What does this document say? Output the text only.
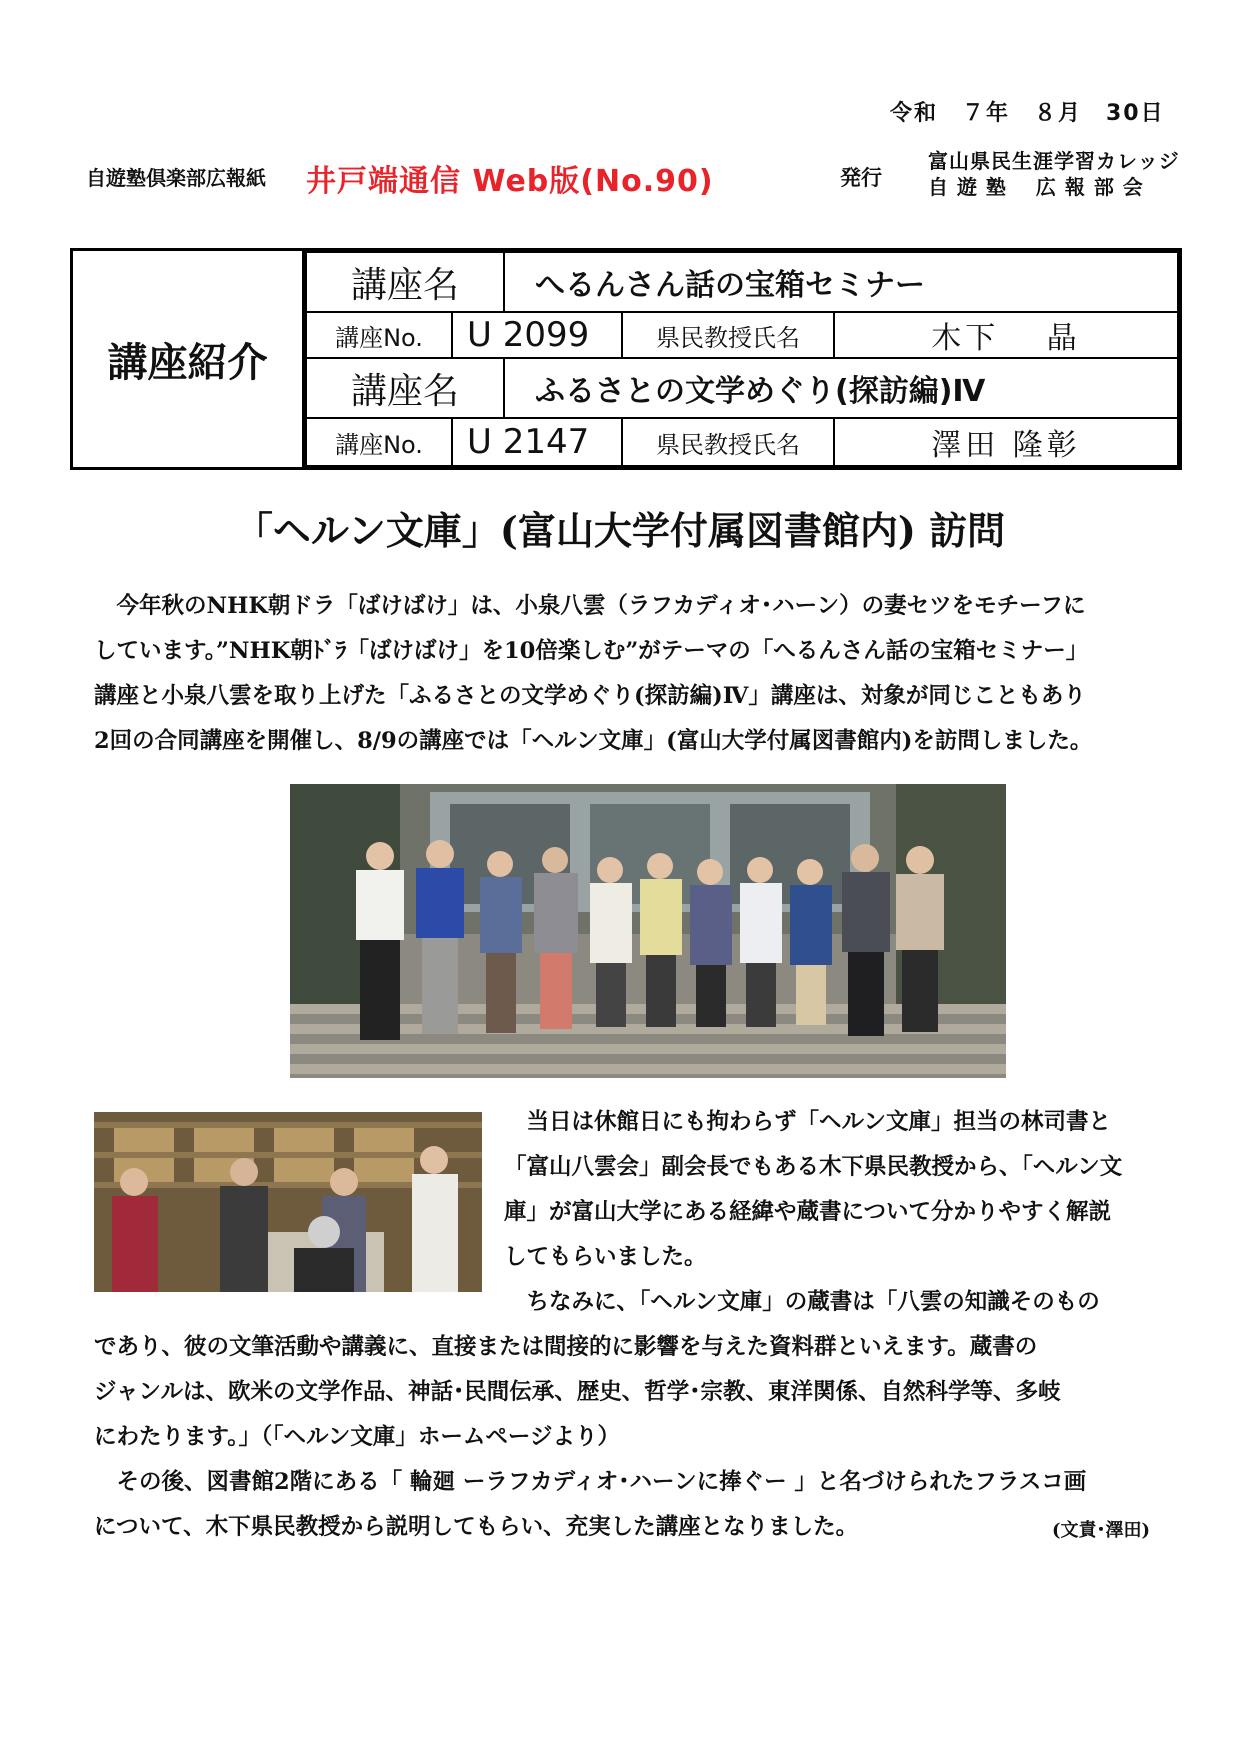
令和　７年　８月　30日
自遊塾倶楽部広報紙 井戸端通信 Web版(No.90)	発行
富山県民生涯学習カレッジ
自 遊 塾　 広 報 部 会
講座紹介
講座名	へるんさん話の宝箱セミナー
講座No.	U 2099	県民教授氏名	木下　 晶
講座名	ふるさとの文学めぐり(探訪編)Ⅳ
講座No.	U 2147	県民教授氏名	澤田 隆彰
「ヘルン文庫」(富山大学付属図書館内) 訪問
　今年秋のNHK朝ドラ「ばけばけ」は、小泉八雲（ラフカディオ･ハーン）の妻セツをモチーフに
しています。”NHK朝ﾄﾞﾗ「ばけばけ」を10倍楽しむ”がテーマの「へるんさん話の宝箱セミナー」
講座と小泉八雲を取り上げた「ふるさとの文学めぐり(探訪編)Ⅳ」講座は、対象が同じこともあり
2回の合同講座を開催し、8/9の講座では「ヘルン文庫」(富山大学付属図書館内)を訪問しました。
　当日は休館日にも拘わらず「ヘルン文庫」担当の林司書と
「富山八雲会」副会長でもある木下県民教授から、「ヘルン文
庫」が富山大学にある経緯や蔵書について分かりやすく解説
してもらいました。
　ちなみに、「ヘルン文庫」の蔵書は「八雲の知識そのもの
であり、彼の文筆活動や講義に、直接または間接的に影響を与えた資料群といえます。蔵書の
ジャンルは、欧米の文学作品、神話･民間伝承、歴史、哲学･宗教、東洋関係、自然科学等、多岐
にわたります。」（「ヘルン文庫」ホームページより）
　その後、図書館2階にある「 輪廻 ーラフカディオ･ハーンに捧ぐー 」と名づけられたフラスコ画
について、木下県民教授から説明してもらい、充実した講座となりました。	(文責･澤田)
